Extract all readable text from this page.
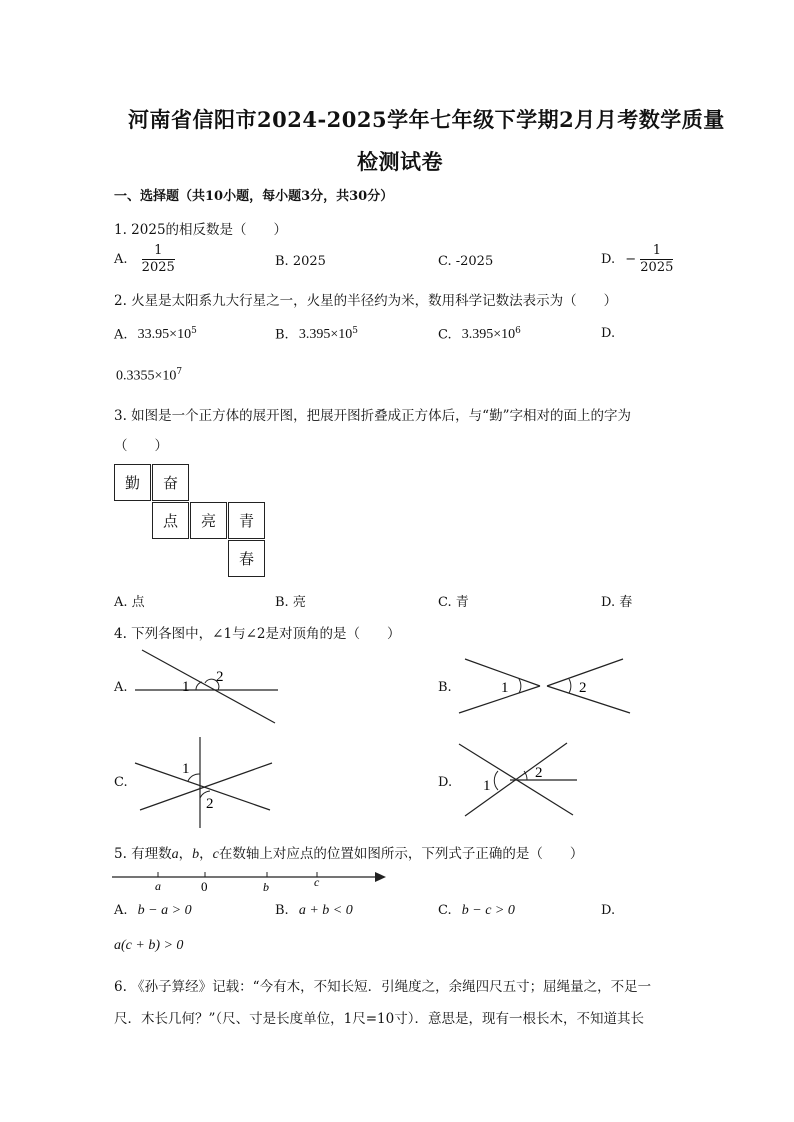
河南省信阳市2024-2025学年七年级下学期2月月考数学质量
检测试卷
一、选择题（共10小题，每小题3分，共30分）
1. 2025的相反数是（　　）
A. $\frac{1}{2025}$	B. 2025	C. -2025	D. − $\frac{1}{2025}$
2. 火星是太阳系九大行星之一，火星的半径约为米，数用科学记数法表示为（　　）
A. $33.95\times 10^5$	B. $3.395\times 10^5$	C. $3.395\times 10^6$	D.
$0.3355\times 10^7$
3. 如图是一个正方体的展开图，把展开图折叠成正方体后，与“勤”字相对的面上的字为
（　　）
勤	奋
点	亮	青
春
A. 点	B. 亮	C. 青	D. 春
4. 下列各图中，∠1与∠2是对顶角的是（　　）
A.	1
2
B.	1	2
C.
1
2
D. 1
2
5. 有理数a，b，c在数轴上对应点的位置如图所示，下列式子正确的是（　　）
a	0	b	c
A. b − a > 0	B. a + b < 0	C. b − c > 0	D.
a(c + b) > 0
6. 《孙子算经》记载：“今有木，不知长短．引绳度之，余绳四尺五寸；屈绳量之，不足一
尺．木长几何？”（尺、寸是长度单位，1尺=10寸）．意思是，现有一根长木，不知道其长
